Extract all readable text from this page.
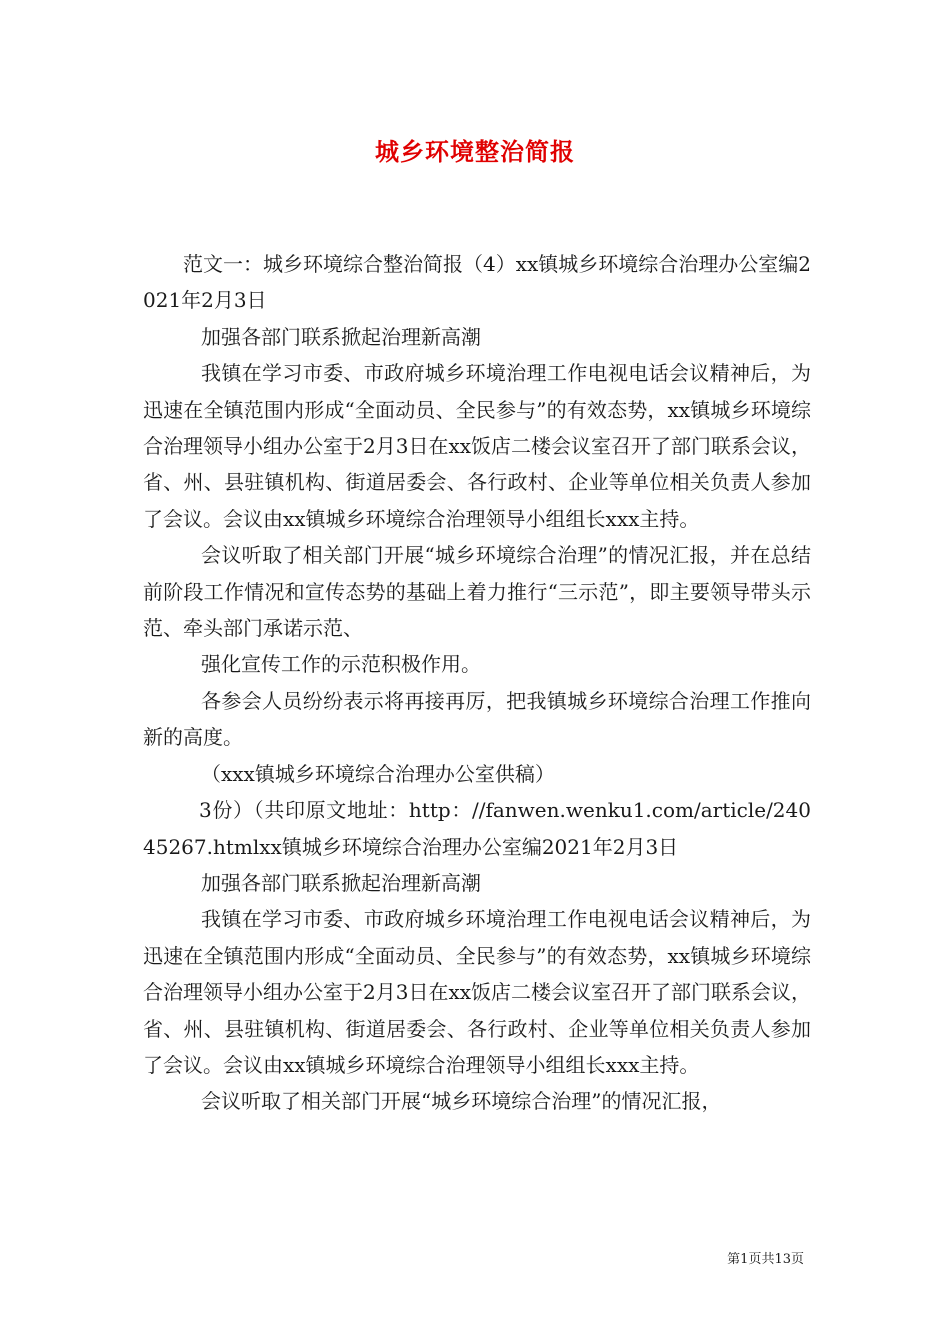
城乡环境整治简报

范文一：城乡环境综合整治简报（4）xx镇城乡环境综合治理办公室编2021年2月3日

加强各部门联系掀起治理新高潮

我镇在学习市委、市政府城乡环境治理工作电视电话会议精神后，为迅速在全镇范围内形成“全面动员、全民参与”的有效态势，xx镇城乡环境综合治理领导小组办公室于2月3日在xx饭店二楼会议室召开了部门联系会议，省、州、县驻镇机构、街道居委会、各行政村、企业等单位相关负责人参加了会议。会议由xx镇城乡环境综合治理领导小组组长xxx主持。

会议听取了相关部门开展“城乡环境综合治理”的情况汇报，并在总结前阶段工作情况和宣传态势的基础上着力推行“三示范”，即主要领导带头示范、牵头部门承诺示范、

强化宣传工作的示范积极作用。

各参会人员纷纷表示将再接再厉，把我镇城乡环境综合治理工作推向新的高度。

（xxx镇城乡环境综合治理办公室供稿）

3份）（共印原文地址：http：//fanwen.wenku1.com/article/24045267.htmlxx镇城乡环境综合治理办公室编2021年2月3日

加强各部门联系掀起治理新高潮

我镇在学习市委、市政府城乡环境治理工作电视电话会议精神后，为迅速在全镇范围内形成“全面动员、全民参与”的有效态势，xx镇城乡环境综合治理领导小组办公室于2月3日在xx饭店二楼会议室召开了部门联系会议，省、州、县驻镇机构、街道居委会、各行政村、企业等单位相关负责人参加了会议。会议由xx镇城乡环境综合治理领导小组组长xxx主持。

会议听取了相关部门开展“城乡环境综合治理”的情况汇报，

第1页共13页
